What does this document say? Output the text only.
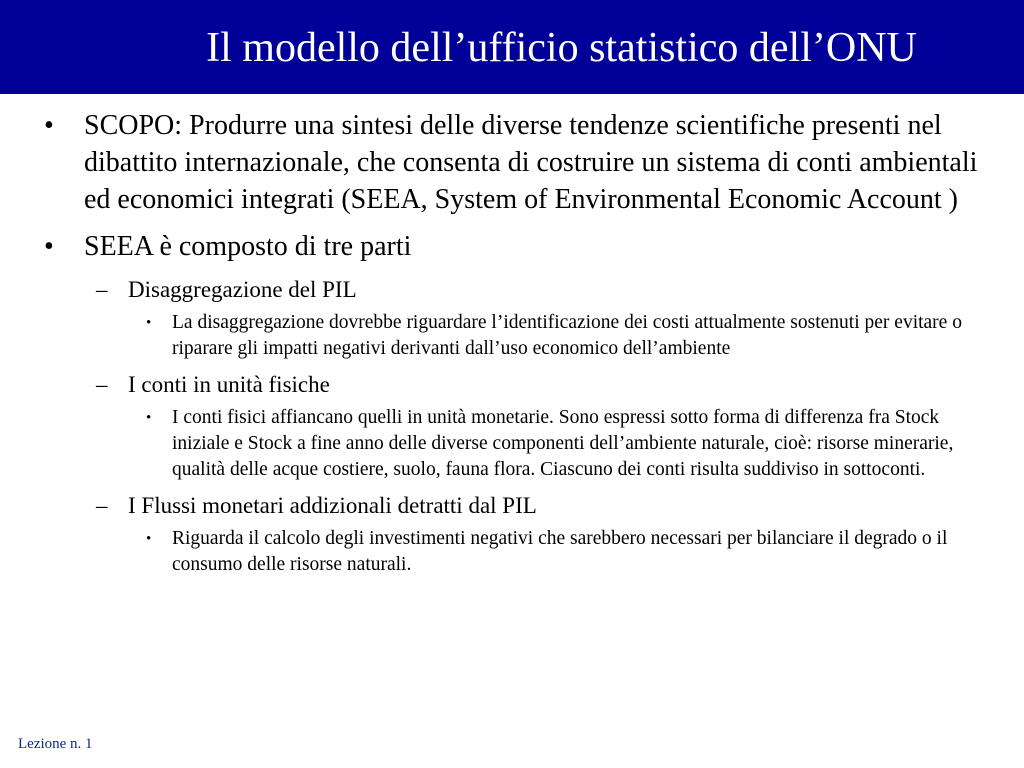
Il modello dell’ufficio statistico dell’ONU
• SCOPO: Produrre una sintesi delle diverse tendenze scientifiche presenti nel dibattito internazionale, che consenta di costruire un sistema di conti ambientali ed economici integrati (SEEA, System of Environmental Economic Account )
• SEEA è composto di tre parti
– Disaggregazione del PIL
• La disaggregazione dovrebbe riguardare l’identificazione dei costi attualmente sostenuti per evitare o riparare gli impatti negativi derivanti dall’uso economico dell’ambiente
– I conti in unità fisiche
• I conti fisici affiancano quelli in unità monetarie. Sono espressi sotto forma di differenza fra Stock iniziale e Stock a fine anno delle diverse componenti dell’ambiente naturale, cioè: risorse minerarie, qualità delle acque costiere, suolo, fauna flora. Ciascuno dei conti risulta suddiviso in sottoconti.
– I Flussi monetari addizionali detratti dal PIL
• Riguarda il calcolo degli investimenti negativi che sarebbero necessari per bilanciare il degrado o il consumo delle risorse naturali.
Lezione n. 1
